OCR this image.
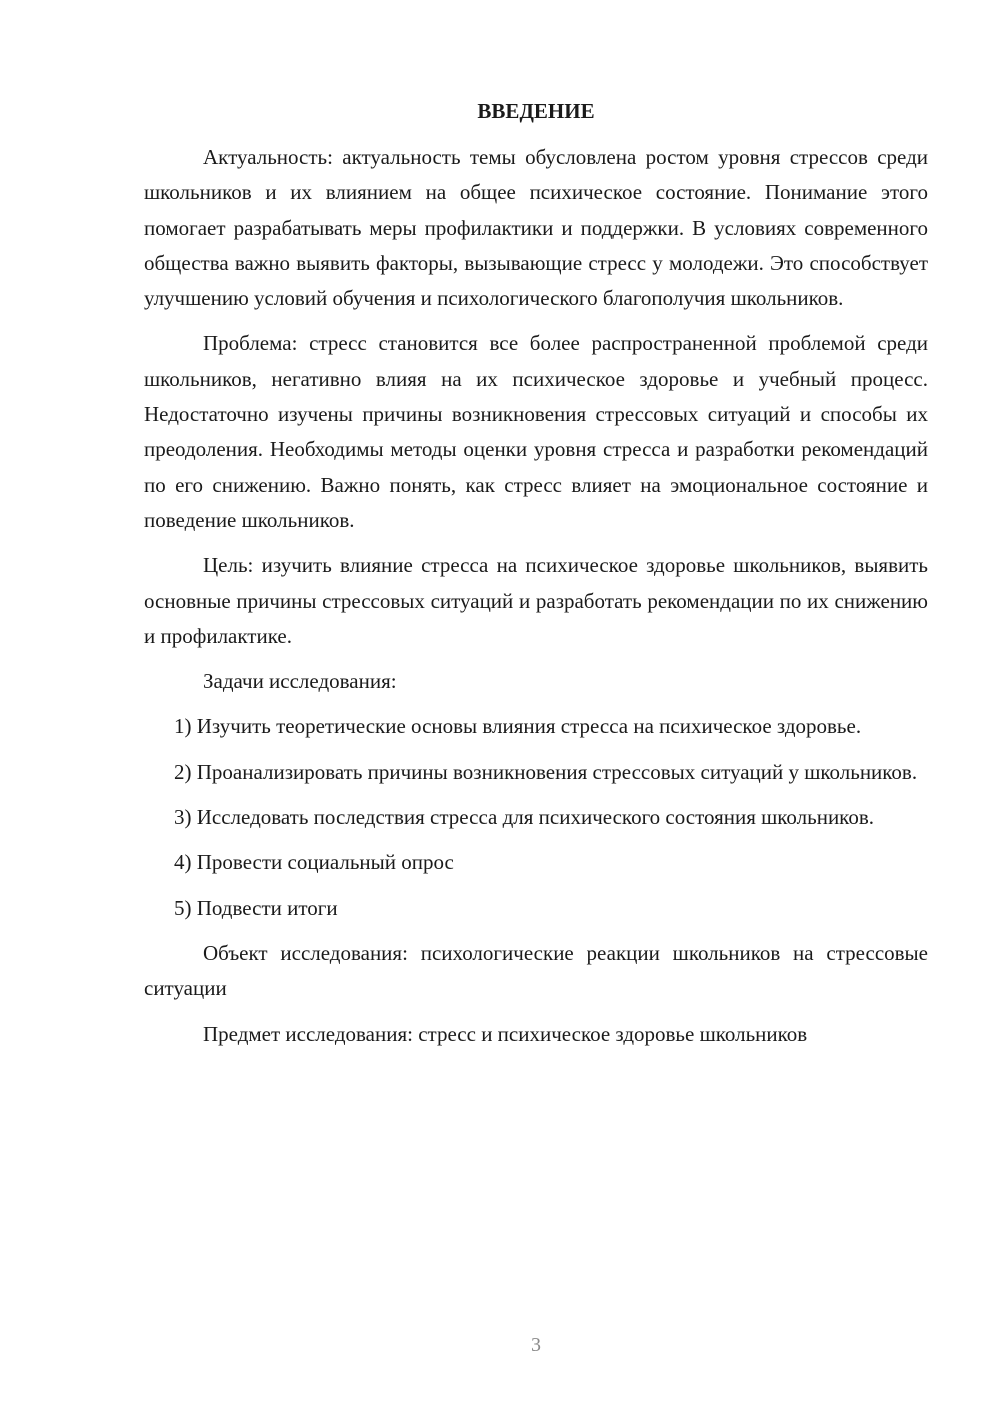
ВВЕДЕНИЕ

Актуальность: актуальность темы обусловлена ростом уровня стрессов среди школьников и их влиянием на общее психическое состояние. Понимание этого помогает разрабатывать меры профилактики и поддержки. В условиях современного общества важно выявить факторы, вызывающие стресс у молодежи. Это способствует улучшению условий обучения и психологического благополучия школьников.

Проблема: стресс становится все более распространенной проблемой среди школьников, негативно влияя на их психическое здоровье и учебный процесс. Недостаточно изучены причины возникновения стрессовых ситуаций и способы их преодоления. Необходимы методы оценки уровня стресса и разработки рекомендаций по его снижению. Важно понять, как стресс влияет на эмоциональное состояние и поведение школьников.

Цель: изучить влияние стресса на психическое здоровье школьников, выявить основные причины стрессовых ситуаций и разработать рекомендации по их снижению и профилактике.

Задачи исследования:

1) Изучить теоретические основы влияния стресса на психическое здоровье.

2) Проанализировать причины возникновения стрессовых ситуаций у школьников.

3) Исследовать последствия стресса для психического состояния школьников.

4) Провести социальный опрос

5) Подвести итоги

Объект исследования: психологические реакции школьников на стрессовые ситуации

Предмет исследования: стресс и психическое здоровье школьников

3
